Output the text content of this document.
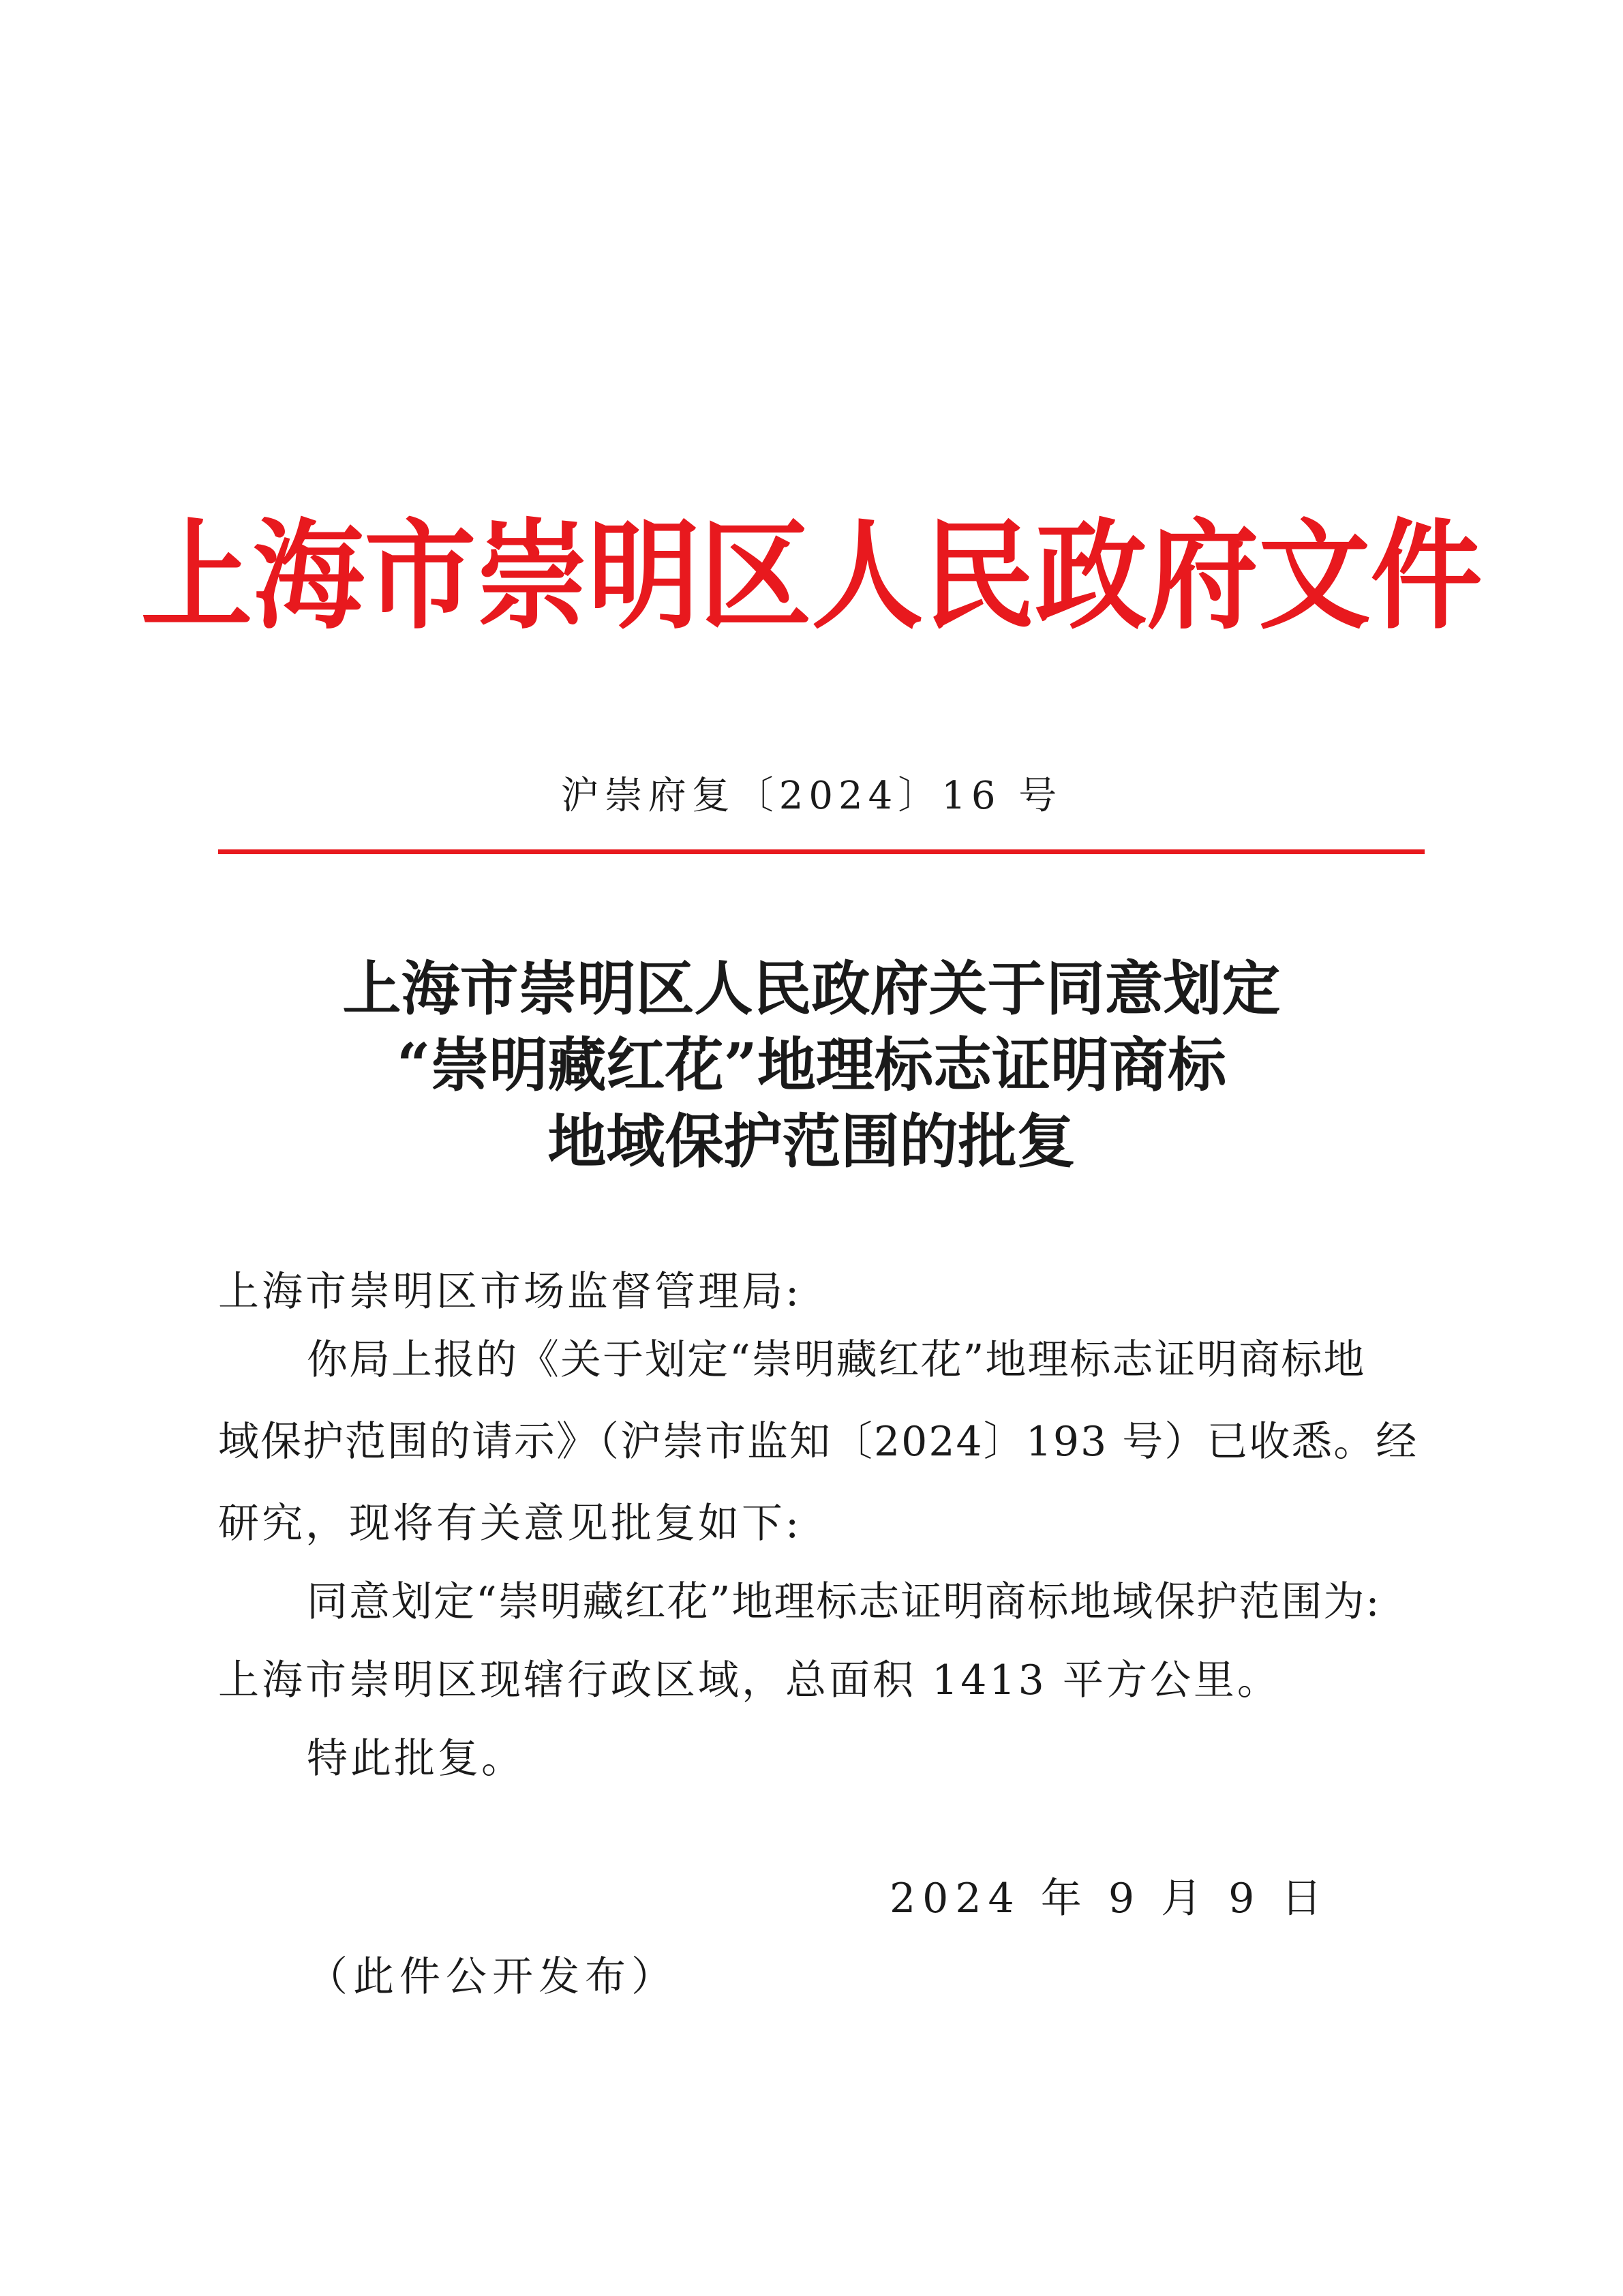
上海市崇明区人民政府文件
沪崇府复〔2024〕16 号
上海市崇明区人民政府关于同意划定
“崇明藏红花”地理标志证明商标
地域保护范围的批复
上海市崇明区市场监督管理局:
你局上报的《关于划定“崇明藏红花”地理标志证明商标地
域保护范围的请示》（沪崇市监知〔2024〕193 号）已收悉。经
研究，现将有关意见批复如下:
同意划定“崇明藏红花”地理标志证明商标地域保护范围为:
上海市崇明区现辖行政区域，总面积 1413 平方公里。
特此批复。
2024 年 9 月 9 日
（此件公开发布）
